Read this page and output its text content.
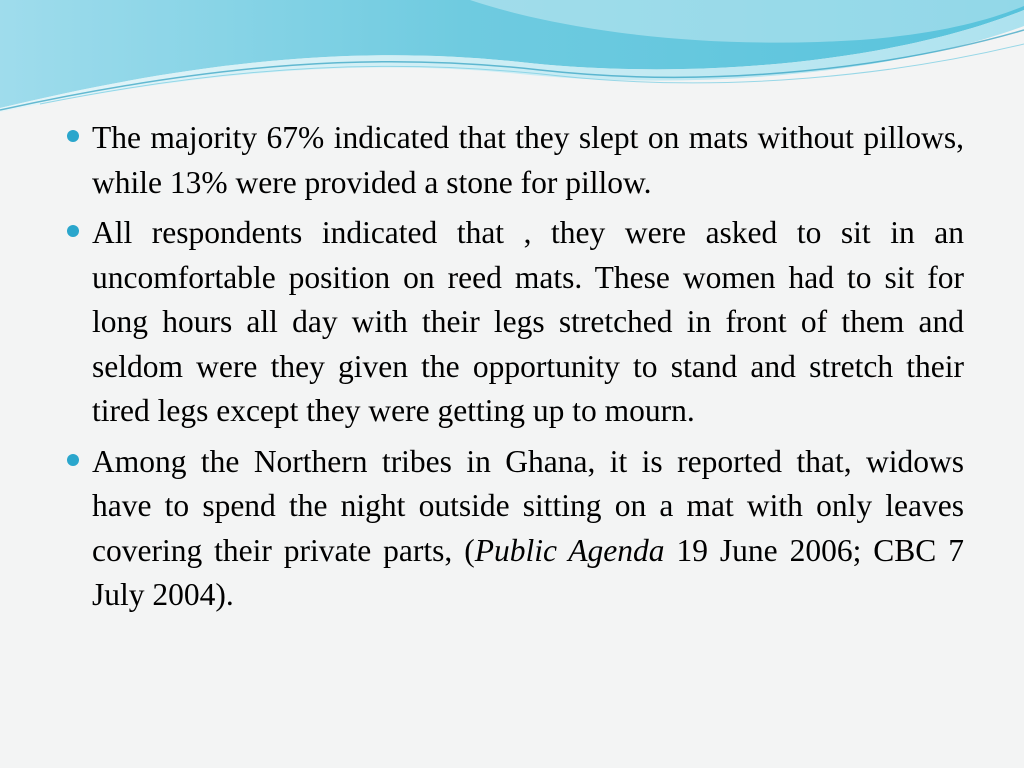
The majority 67% indicated that they slept on mats without pillows, while 13% were provided a stone for pillow.
All respondents indicated that , they were asked to sit in an uncomfortable position on reed mats. These women had to sit for long hours all day with their legs stretched in front of them and seldom were they given the opportunity to stand and stretch their tired legs except they were getting up to mourn.
Among the Northern tribes in Ghana, it is reported that, widows have to spend the night outside sitting on a mat with only leaves covering their private parts, (Public Agenda 19 June 2006; CBC 7 July 2004).
